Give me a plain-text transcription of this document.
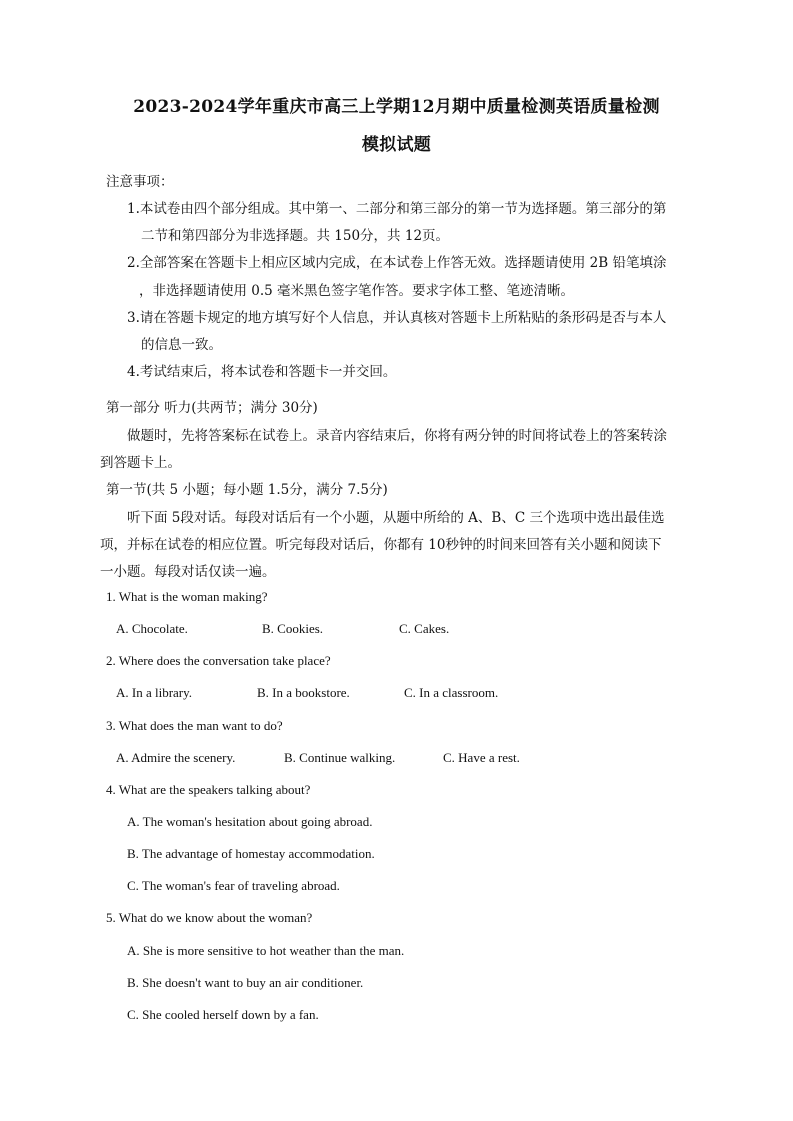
2023-2024学年重庆市高三上学期12月期中质量检测英语质量检测
模拟试题
注意事项：
1.本试卷由四个部分组成。其中第一、二部分和第三部分的第一节为选择题。第三部分的第
二节和第四部分为非选择题。共 150分，共 12页。
2.全部答案在答题卡上相应区域内完成，在本试卷上作答无效。选择题请使用 2B 铅笔填涂
，非选择题请使用 0.5 毫米黑色签字笔作答。要求字体工整、笔迹清晰。
3.请在答题卡规定的地方填写好个人信息，并认真核对答题卡上所粘贴的条形码是否与本人
的信息一致。
4.考试结束后，将本试卷和答题卡一并交回。
第一部分 听力(共两节；满分 30分)
做题时，先将答案标在试卷上。录音内容结束后，你将有两分钟的时间将试卷上的答案转涂
到答题卡上。
第一节(共 5 小题；每小题 1.5分，满分 7.5分)
听下面 5段对话。每段对话后有一个小题，从题中所给的 A、B、C 三个选项中选出最佳选
项，并标在试卷的相应位置。听完每段对话后，你都有 10秒钟的时间来回答有关小题和阅读下
一小题。每段对话仅读一遍。
1. What is the woman making?
A. Chocolate.	B. Cookies.	C. Cakes.
2. Where does the conversation take place?
A. In a library.	B. In a bookstore.	C. In a classroom.
3. What does the man want to do?
A. Admire the scenery.	B. Continue walking.	C. Have a rest.
4. What are the speakers talking about?
A. The woman's hesitation about going abroad.
B. The advantage of homestay accommodation.
C. The woman's fear of traveling abroad.
5. What do we know about the woman?
A. She is more sensitive to hot weather than the man.
B. She doesn't want to buy an air conditioner.
C. She cooled herself down by a fan.
